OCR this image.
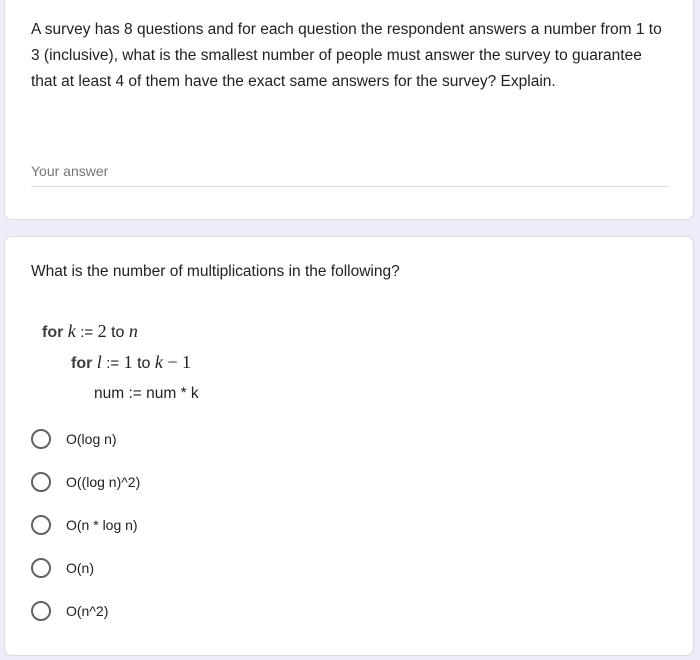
A survey has 8 questions and for each question the respondent answers a number from 1 to 3 (inclusive), what is the smallest number of people must answer the survey to guarantee that at least 4 of them have the exact same answers for the survey? Explain.
Your answer
What is the number of multiplications in the following?
for k := 2 to n
for l := 1 to k − 1
num := num * k
O(log n)
O((log n)^2)
O(n * log n)
O(n)
O(n^2)
